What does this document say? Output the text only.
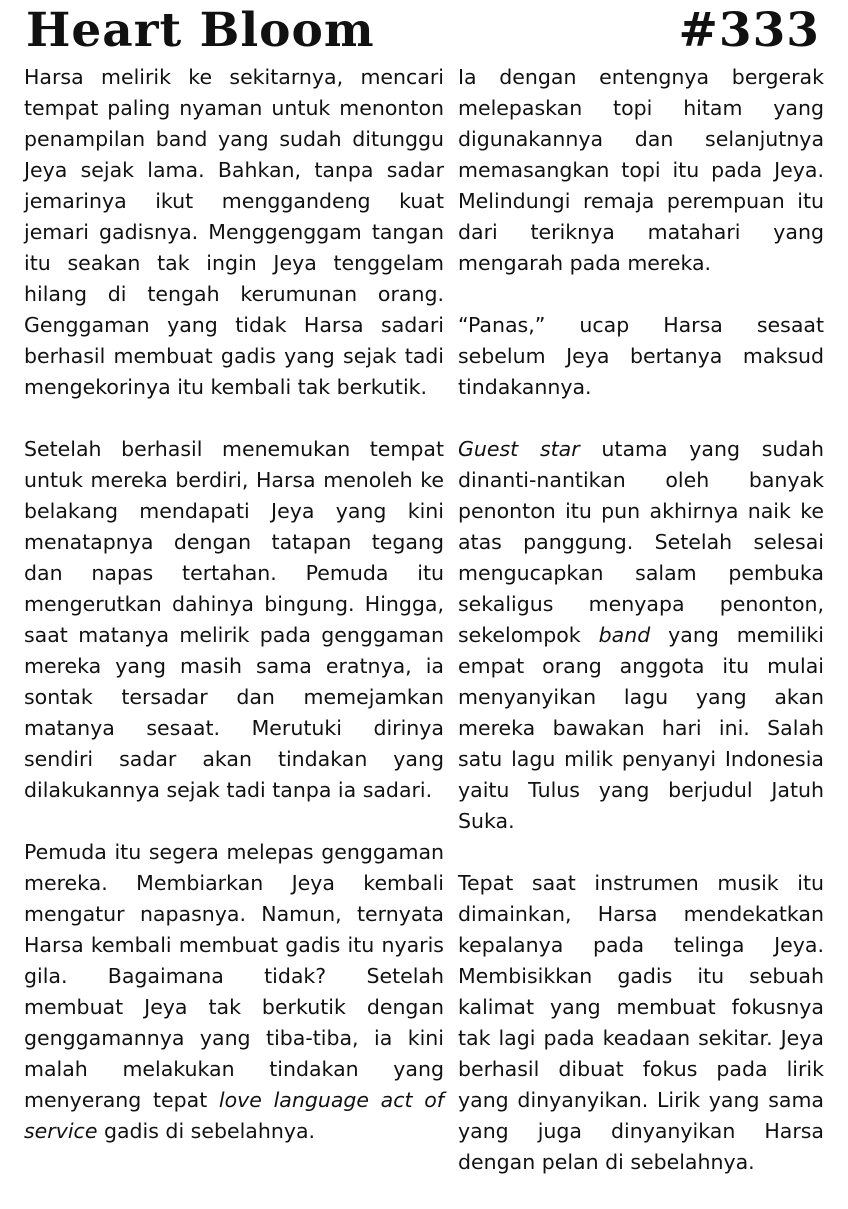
Heart Bloom	#333

Harsa melirik ke sekitarnya, mencari tempat paling nyaman untuk menonton penampilan band yang sudah ditunggu Jeya sejak lama. Bahkan, tanpa sadar jemarinya ikut menggandeng kuat jemari gadisnya. Menggenggam tangan itu seakan tak ingin Jeya tenggelam hilang di tengah kerumunan orang. Genggaman yang tidak Harsa sadari berhasil membuat gadis yang sejak tadi mengekorinya itu kembali tak berkutik.

Setelah berhasil menemukan tempat untuk mereka berdiri, Harsa menoleh ke belakang mendapati Jeya yang kini menatapnya dengan tatapan tegang dan napas tertahan. Pemuda itu mengerutkan dahinya bingung. Hingga, saat matanya melirik pada genggaman mereka yang masih sama eratnya, ia sontak tersadar dan memejamkan matanya sesaat. Merutuki dirinya sendiri sadar akan tindakan yang dilakukannya sejak tadi tanpa ia sadari.

Pemuda itu segera melepas genggaman mereka. Membiarkan Jeya kembali mengatur napasnya. Namun, ternyata Harsa kembali membuat gadis itu nyaris gila. Bagaimana tidak? Setelah membuat Jeya tak berkutik dengan genggamannya yang tiba-tiba, ia kini malah melakukan tindakan yang menyerang tepat love language act of service gadis di sebelahnya.

Ia dengan entengnya bergerak melepaskan topi hitam yang digunakannya dan selanjutnya memasangkan topi itu pada Jeya. Melindungi remaja perempuan itu dari teriknya matahari yang mengarah pada mereka.

“Panas,” ucap Harsa sesaat sebelum Jeya bertanya maksud tindakannya.

Guest star utama yang sudah dinanti-nantikan oleh banyak penonton itu pun akhirnya naik ke atas panggung. Setelah selesai mengucapkan salam pembuka sekaligus menyapa penonton, sekelompok band yang memiliki empat orang anggota itu mulai menyanyikan lagu yang akan mereka bawakan hari ini. Salah satu lagu milik penyanyi Indonesia yaitu Tulus yang berjudul Jatuh Suka.

Tepat saat instrumen musik itu dimainkan, Harsa mendekatkan kepalanya pada telinga Jeya. Membisikkan gadis itu sebuah kalimat yang membuat fokusnya tak lagi pada keadaan sekitar. Jeya berhasil dibuat fokus pada lirik yang dinyanyikan. Lirik yang sama yang juga dinyanyikan Harsa dengan pelan di sebelahnya.
